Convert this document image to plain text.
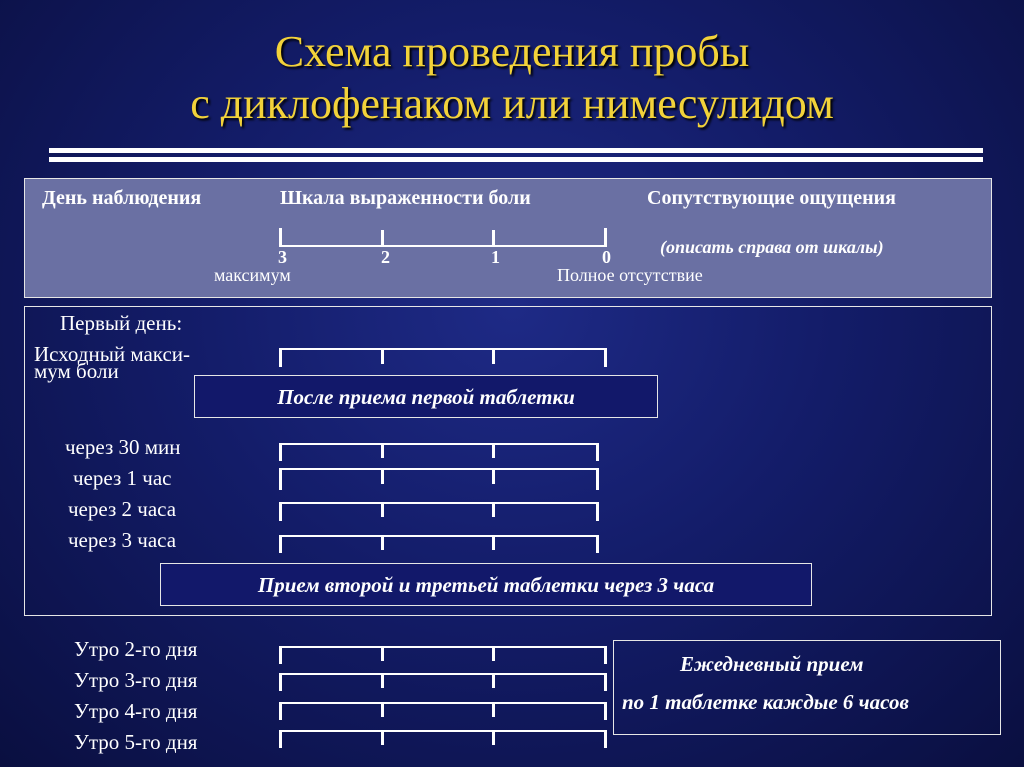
Схема проведения пробы
с диклофенаком или нимесулидом
День наблюдения	Шкала выраженности боли	Сопутствующие ощущения
(описать справа от шкалы)
3	2	1	0
максимум	Полное отсутствие
Первый день:
Исходный макси-
мум боли
После приема первой таблетки
через 30 мин
через 1 час
через 2 часа
через 3 часа
Прием второй и третьей таблетки через 3 часа
Утро 2-го дня
Утро 3-го дня
Утро 4-го дня
Утро 5-го дня
Ежедневный прием
по 1 таблетке каждые 6 часов
